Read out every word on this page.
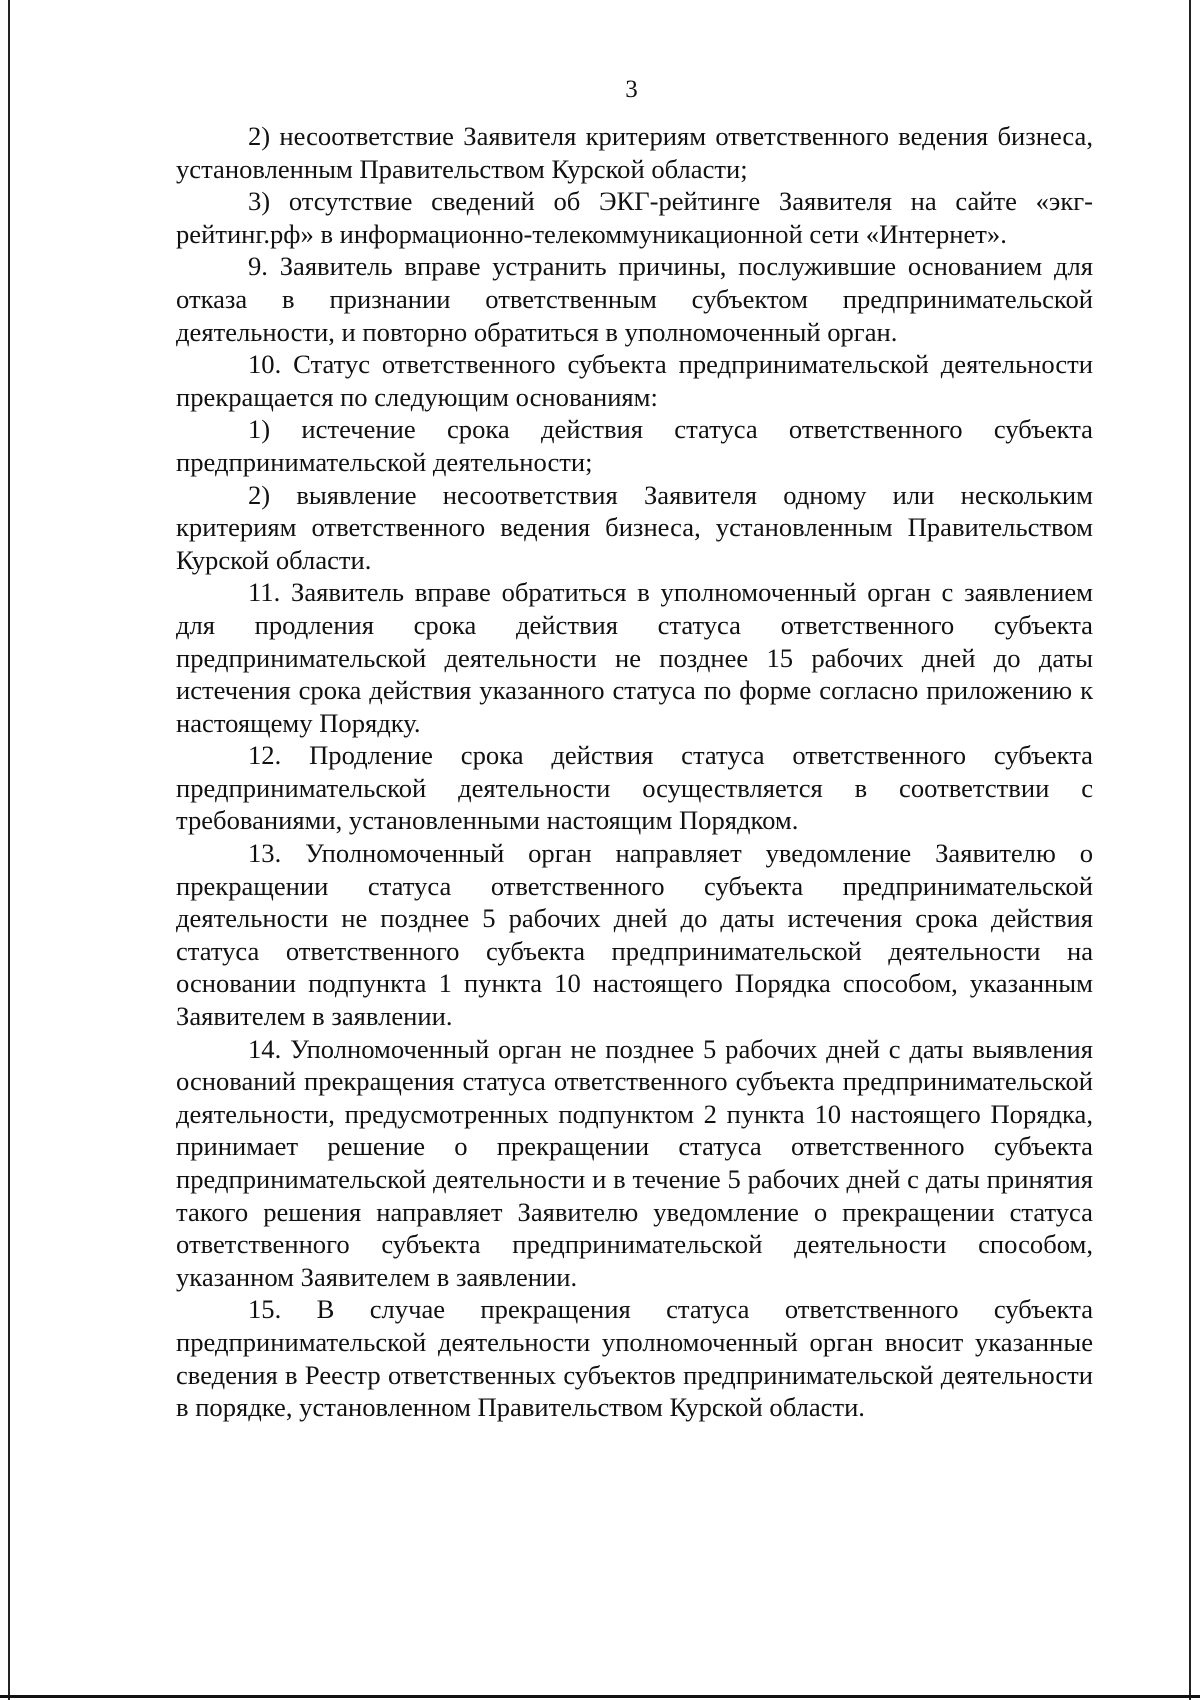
3

2) несоответствие Заявителя критериям ответственного ведения бизнеса, установленным Правительством Курской области;

3) отсутствие сведений об ЭКГ-рейтинге Заявителя на сайте «экг-рейтинг.рф» в информационно-телекоммуникационной сети «Интернет».

9. Заявитель вправе устранить причины, послужившие основанием для отказа в признании ответственным субъектом предпринимательской деятельности, и повторно обратиться в уполномоченный орган.

10. Статус ответственного субъекта предпринимательской деятельности прекращается по следующим основаниям:

1) истечение срока действия статуса ответственного субъекта предпринимательской деятельности;

2) выявление несоответствия Заявителя одному или нескольким критериям ответственного ведения бизнеса, установленным Правительством Курской области.

11. Заявитель вправе обратиться в уполномоченный орган с заявлением для продления срока действия статуса ответственного субъекта предпринимательской деятельности не позднее 15 рабочих дней до даты истечения срока действия указанного статуса по форме согласно приложению к настоящему Порядку.

12. Продление срока действия статуса ответственного субъекта предпринимательской деятельности осуществляется в соответствии с требованиями, установленными настоящим Порядком.

13. Уполномоченный орган направляет уведомление Заявителю о прекращении статуса ответственного субъекта предпринимательской деятельности не позднее 5 рабочих дней до даты истечения срока действия статуса ответственного субъекта предпринимательской деятельности на основании подпункта 1 пункта 10 настоящего Порядка способом, указанным Заявителем в заявлении.

14. Уполномоченный орган не позднее 5 рабочих дней с даты выявления оснований прекращения статуса ответственного субъекта предпринимательской деятельности, предусмотренных подпунктом 2 пункта 10 настоящего Порядка, принимает решение о прекращении статуса ответственного субъекта предпринимательской деятельности и в течение 5 рабочих дней с даты принятия такого решения направляет Заявителю уведомление о прекращении статуса ответственного субъекта предпринимательской деятельности способом, указанном Заявителем в заявлении.

15. В случае прекращения статуса ответственного субъекта предпринимательской деятельности уполномоченный орган вносит указанные сведения в Реестр ответственных субъектов предпринимательской деятельности в порядке, установленном Правительством Курской области.
